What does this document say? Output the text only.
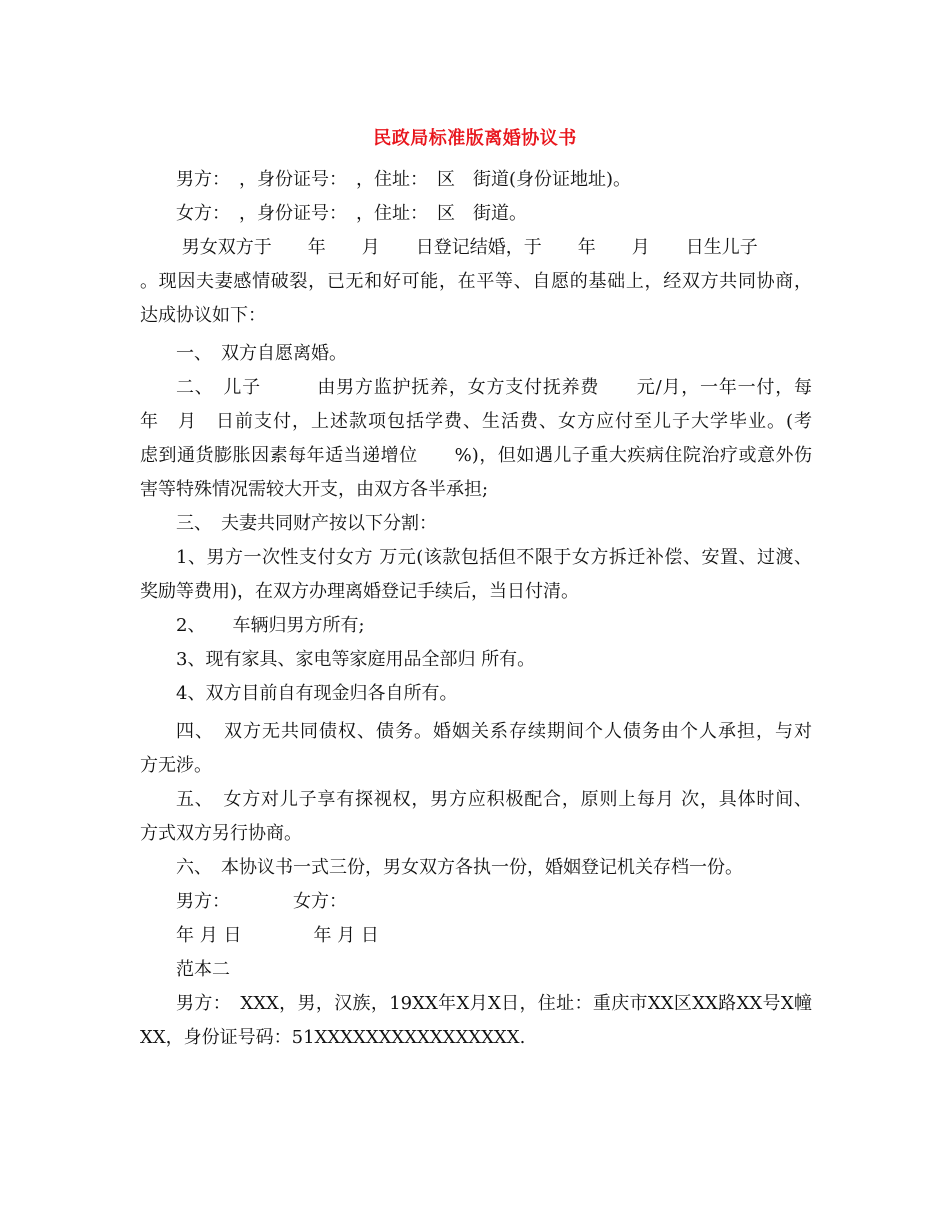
民政局标准版离婚协议书
男方：　，身份证号：　，住址：　区　街道(身份证地址)。
女方：　，身份证号：　，住址：　区　街道。
男女双方于　　年　　月　　日登记结婚，于　　年　　月　　日生儿子
。现因夫妻感情破裂，已无和好可能，在平等、自愿的基础上，经双方共同协商，
达成协议如下：
一、　双方自愿离婚。
二、　儿子　　　由男方监护抚养，女方支付抚养费　　元/月，一年一付，每
年　月　日前支付，上述款项包括学费、生活费、女方应付至儿子大学毕业。(考
虑到通货膨胀因素每年适当递增位　　%)，但如遇儿子重大疾病住院治疗或意外伤
害等特殊情况需较大开支，由双方各半承担;
三、　夫妻共同财产按以下分割：
1、男方一次性支付女方 万元(该款包括但不限于女方拆迁补偿、安置、过渡、
奖励等费用)，在双方办理离婚登记手续后，当日付清。
2、　　车辆归男方所有;
3、现有家具、家电等家庭用品全部归 所有。
4、双方目前自有现金归各自所有。
四、　双方无共同债权、债务。婚姻关系存续期间个人债务由个人承担，与对
方无涉。
五、　女方对儿子享有探视权，男方应积极配合，原则上每月 次，具体时间、
方式双方另行协商。
六、　本协议书一式三份，男女双方各执一份，婚姻登记机关存档一份。
男方：　　　　女方：
年 月 日　　　　年 月 日
范本二
男方：　XXX，男，汉族，19XX年X月X日，住址：重庆市XX区XX路XX号X幢
XX，身份证号码：51XXXXXXXXXXXXXXXX.
